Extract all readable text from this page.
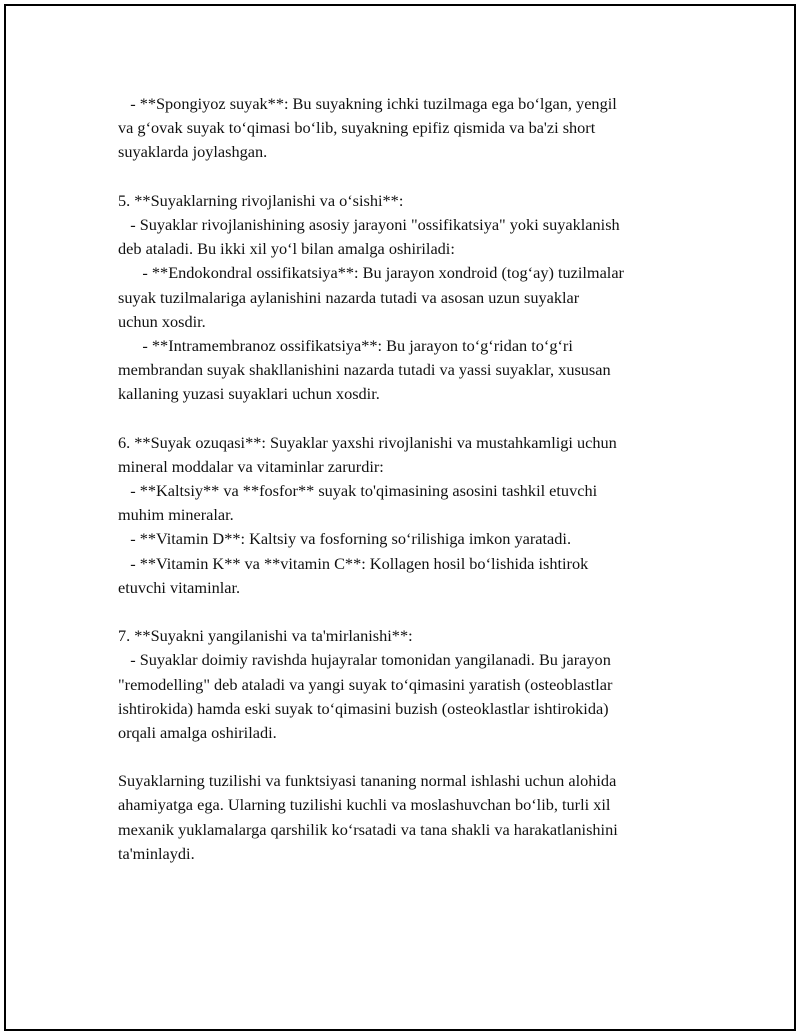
- **Spongiyoz suyak**: Bu suyakning ichki tuzilmaga ega bo‘lgan, yengil
va g‘ovak suyak to‘qimasi bo‘lib, suyakning epifiz qismida va ba'zi short
suyaklarda joylashgan.
5. **Suyaklarning rivojlanishi va o‘sishi**:
- Suyaklar rivojlanishining asosiy jarayoni "ossifikatsiya" yoki suyaklanish
deb ataladi. Bu ikki xil yo‘l bilan amalga oshiriladi:
- **Endokondral ossifikatsiya**: Bu jarayon xondroid (tog‘ay) tuzilmalar
suyak tuzilmalariga aylanishini nazarda tutadi va asosan uzun suyaklar
uchun xosdir.
- **Intramembranoz ossifikatsiya**: Bu jarayon to‘g‘ridan to‘g‘ri
membrandan suyak shakllanishini nazarda tutadi va yassi suyaklar, xususan
kallaning yuzasi suyaklari uchun xosdir.
6. **Suyak ozuqasi**: Suyaklar yaxshi rivojlanishi va mustahkamligi uchun
mineral moddalar va vitaminlar zarurdir:
- **Kaltsiy** va **fosfor** suyak to'qimasining asosini tashkil etuvchi
muhim mineralar.
- **Vitamin D**: Kaltsiy va fosforning so‘rilishiga imkon yaratadi.
- **Vitamin K** va **vitamin C**: Kollagen hosil bo‘lishida ishtirok
etuvchi vitaminlar.
7. **Suyakni yangilanishi va ta'mirlanishi**:
- Suyaklar doimiy ravishda hujayralar tomonidan yangilanadi. Bu jarayon
"remodelling" deb ataladi va yangi suyak to‘qimasini yaratish (osteoblastlar
ishtirokida) hamda eski suyak to‘qimasini buzish (osteoklastlar ishtirokida)
orqali amalga oshiriladi.
Suyaklarning tuzilishi va funktsiyasi tananing normal ishlashi uchun alohida
ahamiyatga ega. Ularning tuzilishi kuchli va moslashuvchan bo‘lib, turli xil
mexanik yuklamalarga qarshilik ko‘rsatadi va tana shakli va harakatlanishini
ta'minlaydi.
